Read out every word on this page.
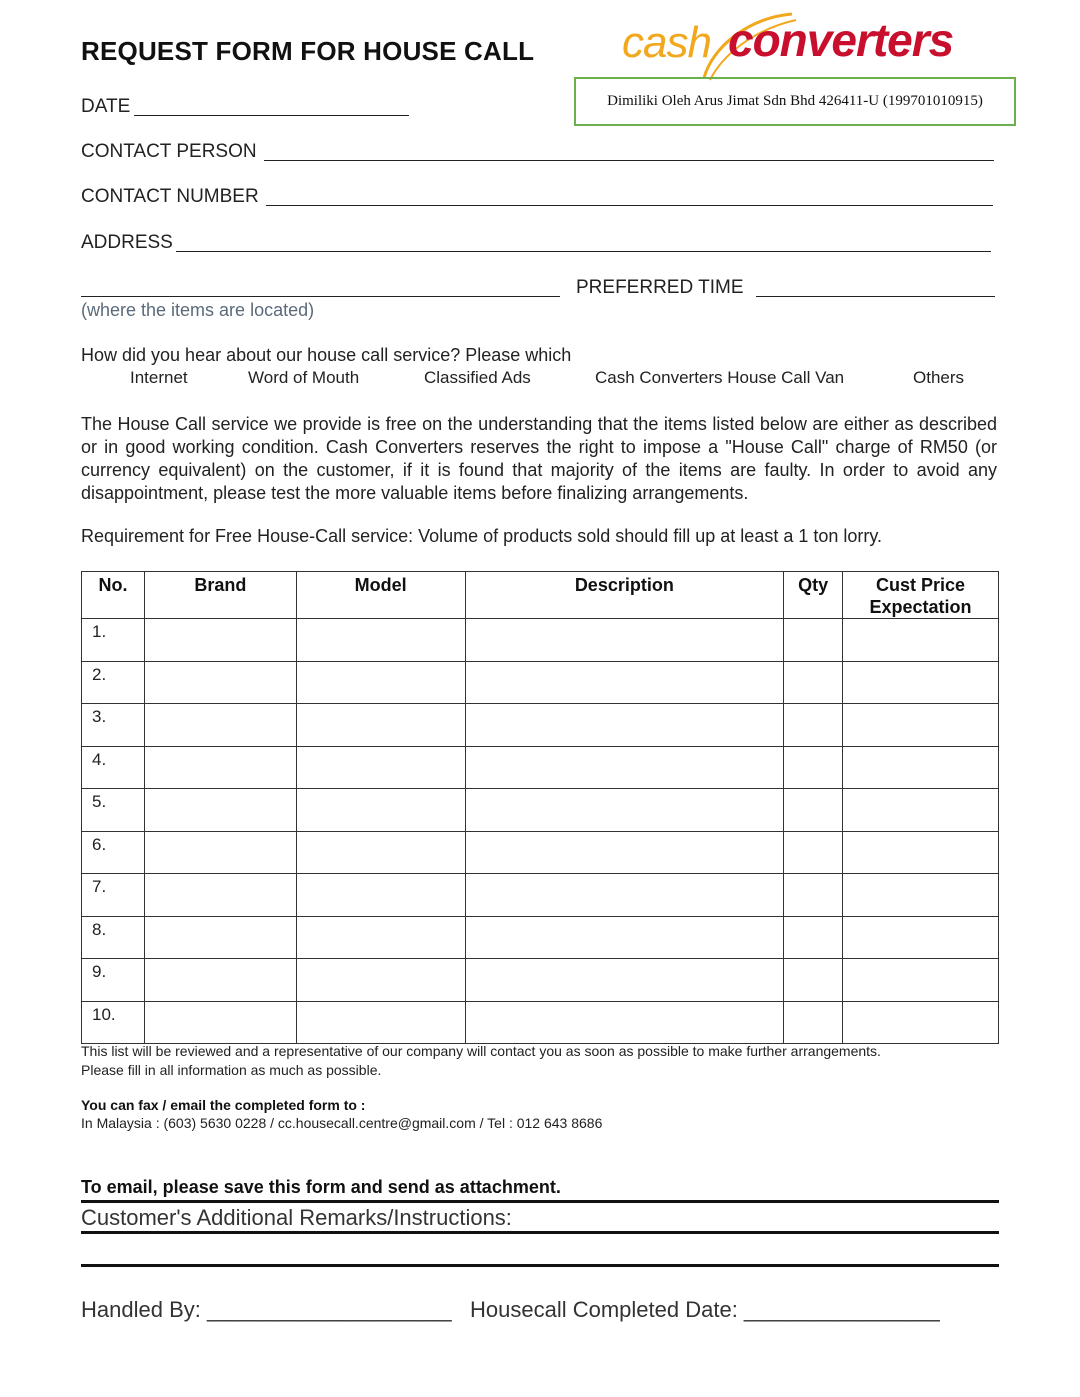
REQUEST FORM FOR HOUSE CALL cash converters
Dimiliki Oleh Arus Jimat Sdn Bhd 426411-U (199701010915)
DATE
CONTACT PERSON
CONTACT NUMBER
ADDRESS
PREFERRED TIME
(where the items are located)
How did you hear about our house call service? Please which
Internet	Word of Mouth	Classified Ads	Cash Converters House Call Van	Others
The House Call service we provide is free on the understanding that the items listed below are either as described or in good working condition. Cash Converters reserves the right to impose a "House Call" charge of RM50 (or currency equivalent) on the customer, if it is found that majority of the items are faulty. In order to avoid any disappointment, please test the more valuable items before finalizing arrangements.
Requirement for Free House-Call service: Volume of products sold should fill up at least a 1 ton lorry.
No.	Brand	Model	Description	Qty	Cust Price Expectation
1.					
2.					
3.					
4.					
5.					
6.					
7.					
8.					
9.					
10.					
This list will be reviewed and a representative of our company will contact you as soon as possible to make further arrangements.
Please fill in all information as much as possible.
You can fax / email the completed form to :
In Malaysia : (603) 5630 0228 / cc.housecall.centre@gmail.com / Tel : 012 643 8686
To email, please save this form and send as attachment.
Customer's Additional Remarks/Instructions:
Handled By: ____________________ Housecall Completed Date: ________________
